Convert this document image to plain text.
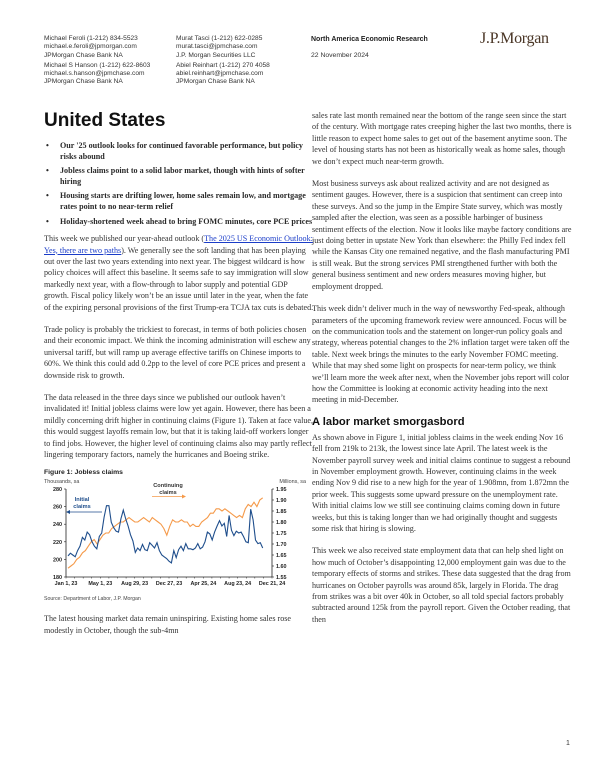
Michael Feroli (1-212) 834-5523
michael.e.feroli@jpmorgan.com
JPMorgan Chase Bank NA
Murat Tasci (1-212) 622-0285
murat.tasci@jpmchase.com
J.P. Morgan Securities LLC
Michael S Hanson (1-212) 622-8603
michael.s.hanson@jpmchase.com
JPMorgan Chase Bank NA
Abiel Reinhart (1-212) 270 4058
abiel.reinhart@jpmchase.com
JPMorgan Chase Bank NA
North America Economic Research
22 November 2024
J.P.Morgan
United States
• Our '25 outlook looks for continued favorable performance, but policy risks abound
• Jobless claims point to a solid labor market, though with hints of softer hiring
• Housing starts are drifting lower, home sales remain low, and mortgage rates point to no near-term relief
• Holiday-shortened week ahead to bring FOMC minutes, core PCE prices

This week we published our year-ahead outlook (The 2025 US Economic Outlook: Yes, there are two paths). We generally see the soft landing that has been playing out over the last two years extending into next year. The biggest wildcard is how policy choices will affect this baseline. It seems safe to say immigration will slow markedly next year, with a flow-through to labor supply and potential GDP growth. Fiscal policy likely won’t be an issue until later in the year, when the fate of the expiring personal provisions of the first Trump-era TCJA tax cuts is debated.

Trade policy is probably the trickiest to forecast, in terms of both policies chosen and their economic impact. We think the incoming administration will eschew any universal tariff, but will ramp up average effective tariffs on Chinese imports to 60%. We think this could add 0.2pp to the level of core PCE prices and present a downside risk to growth.

The data released in the three days since we published our outlook haven’t invalidated it! Initial jobless claims were low yet again. However, there has been a mildly concerning drift higher in continuing claims (Figure 1). Taken at face value, this would suggest layoffs remain low, but that it is taking laid-off workers longer to find jobs. However, the higher level of continuing claims also may partly reflect lingering temporary factors, namely the hurricanes and Boeing strike.

Figure 1: Jobless claims
Thousands, sa	Millions, sa
180
200
220
240
260
280
1.55
1.60
1.65
1.70
1.75
1.80
1.85
1.90
1.95
Jan 1, 23 May 1, 23 Aug 29, 23 Dec 27, 23 Apr 25, 24 Aug 23, 24 Dec 21, 24
Initial
claims
Continuing
claims
Source: Department of Labor, J.P. Morgan

The latest housing market data remain uninspiring. Existing home sales rose modestly in October, though the sub-4mn

sales rate last month remained near the bottom of the range seen since the start of the century. With mortgage rates creeping higher the last two months, there is little reason to expect home sales to get out of the basement anytime soon. The level of housing starts has not been as historically weak as home sales, though we don’t expect much near-term growth.

Most business surveys ask about realized activity and are not designed as sentiment gauges. However, there is a suspicion that sentiment can creep into these surveys. And so the jump in the Empire State survey, which was mostly sampled after the election, was seen as a possible harbinger of business sentiment effects of the election. Now it looks like maybe factory conditions are just doing better in upstate New York than elsewhere: the Philly Fed index fell while the Kansas City one remained negative, and the flash manufacturing PMI is still weak. But the strong services PMI strengthened further with both the general business sentiment and new orders measures moving higher, but employment dropped.

This week didn’t deliver much in the way of newsworthy Fed-speak, although parameters of the upcoming framework review were announced. Focus will be on the communication tools and the statement on longer-run policy goals and strategy, whereas potential changes to the 2% inflation target were taken off the table. Next week brings the minutes to the early November FOMC meeting. While that may shed some light on prospects for near-term policy, we think we’ll learn more the week after next, when the November jobs report will color how the Committee is looking at economic activity heading into the next meeting in mid-December.

A labor market smorgasbord

As shown above in Figure 1, initial jobless claims in the week ending Nov 16 fell from 219k to 213k, the lowest since late April. The latest week is the November payroll survey week and initial claims continue to suggest a rebound in November employment growth. However, continuing claims in the week ending Nov 9 did rise to a new high for the year of 1.908mn, from 1.872mn the prior week. This suggests some upward pressure on the unemployment rate. With initial claims low we still see continuing claims coming down in future weeks, but this is taking longer than we had originally thought and suggests some risk that hiring is slowing.

This week we also received state employment data that can help shed light on how much of October’s disappointing 12,000 employment gain was due to the temporary effects of storms and strikes. These data suggested that the drag from hurricanes on October payrolls was around 85k, largely in Florida. The drag from strikes was a bit over 40k in October, so all told special factors probably subtracted around 125k from the payroll report. Given the October reading, that then

1
